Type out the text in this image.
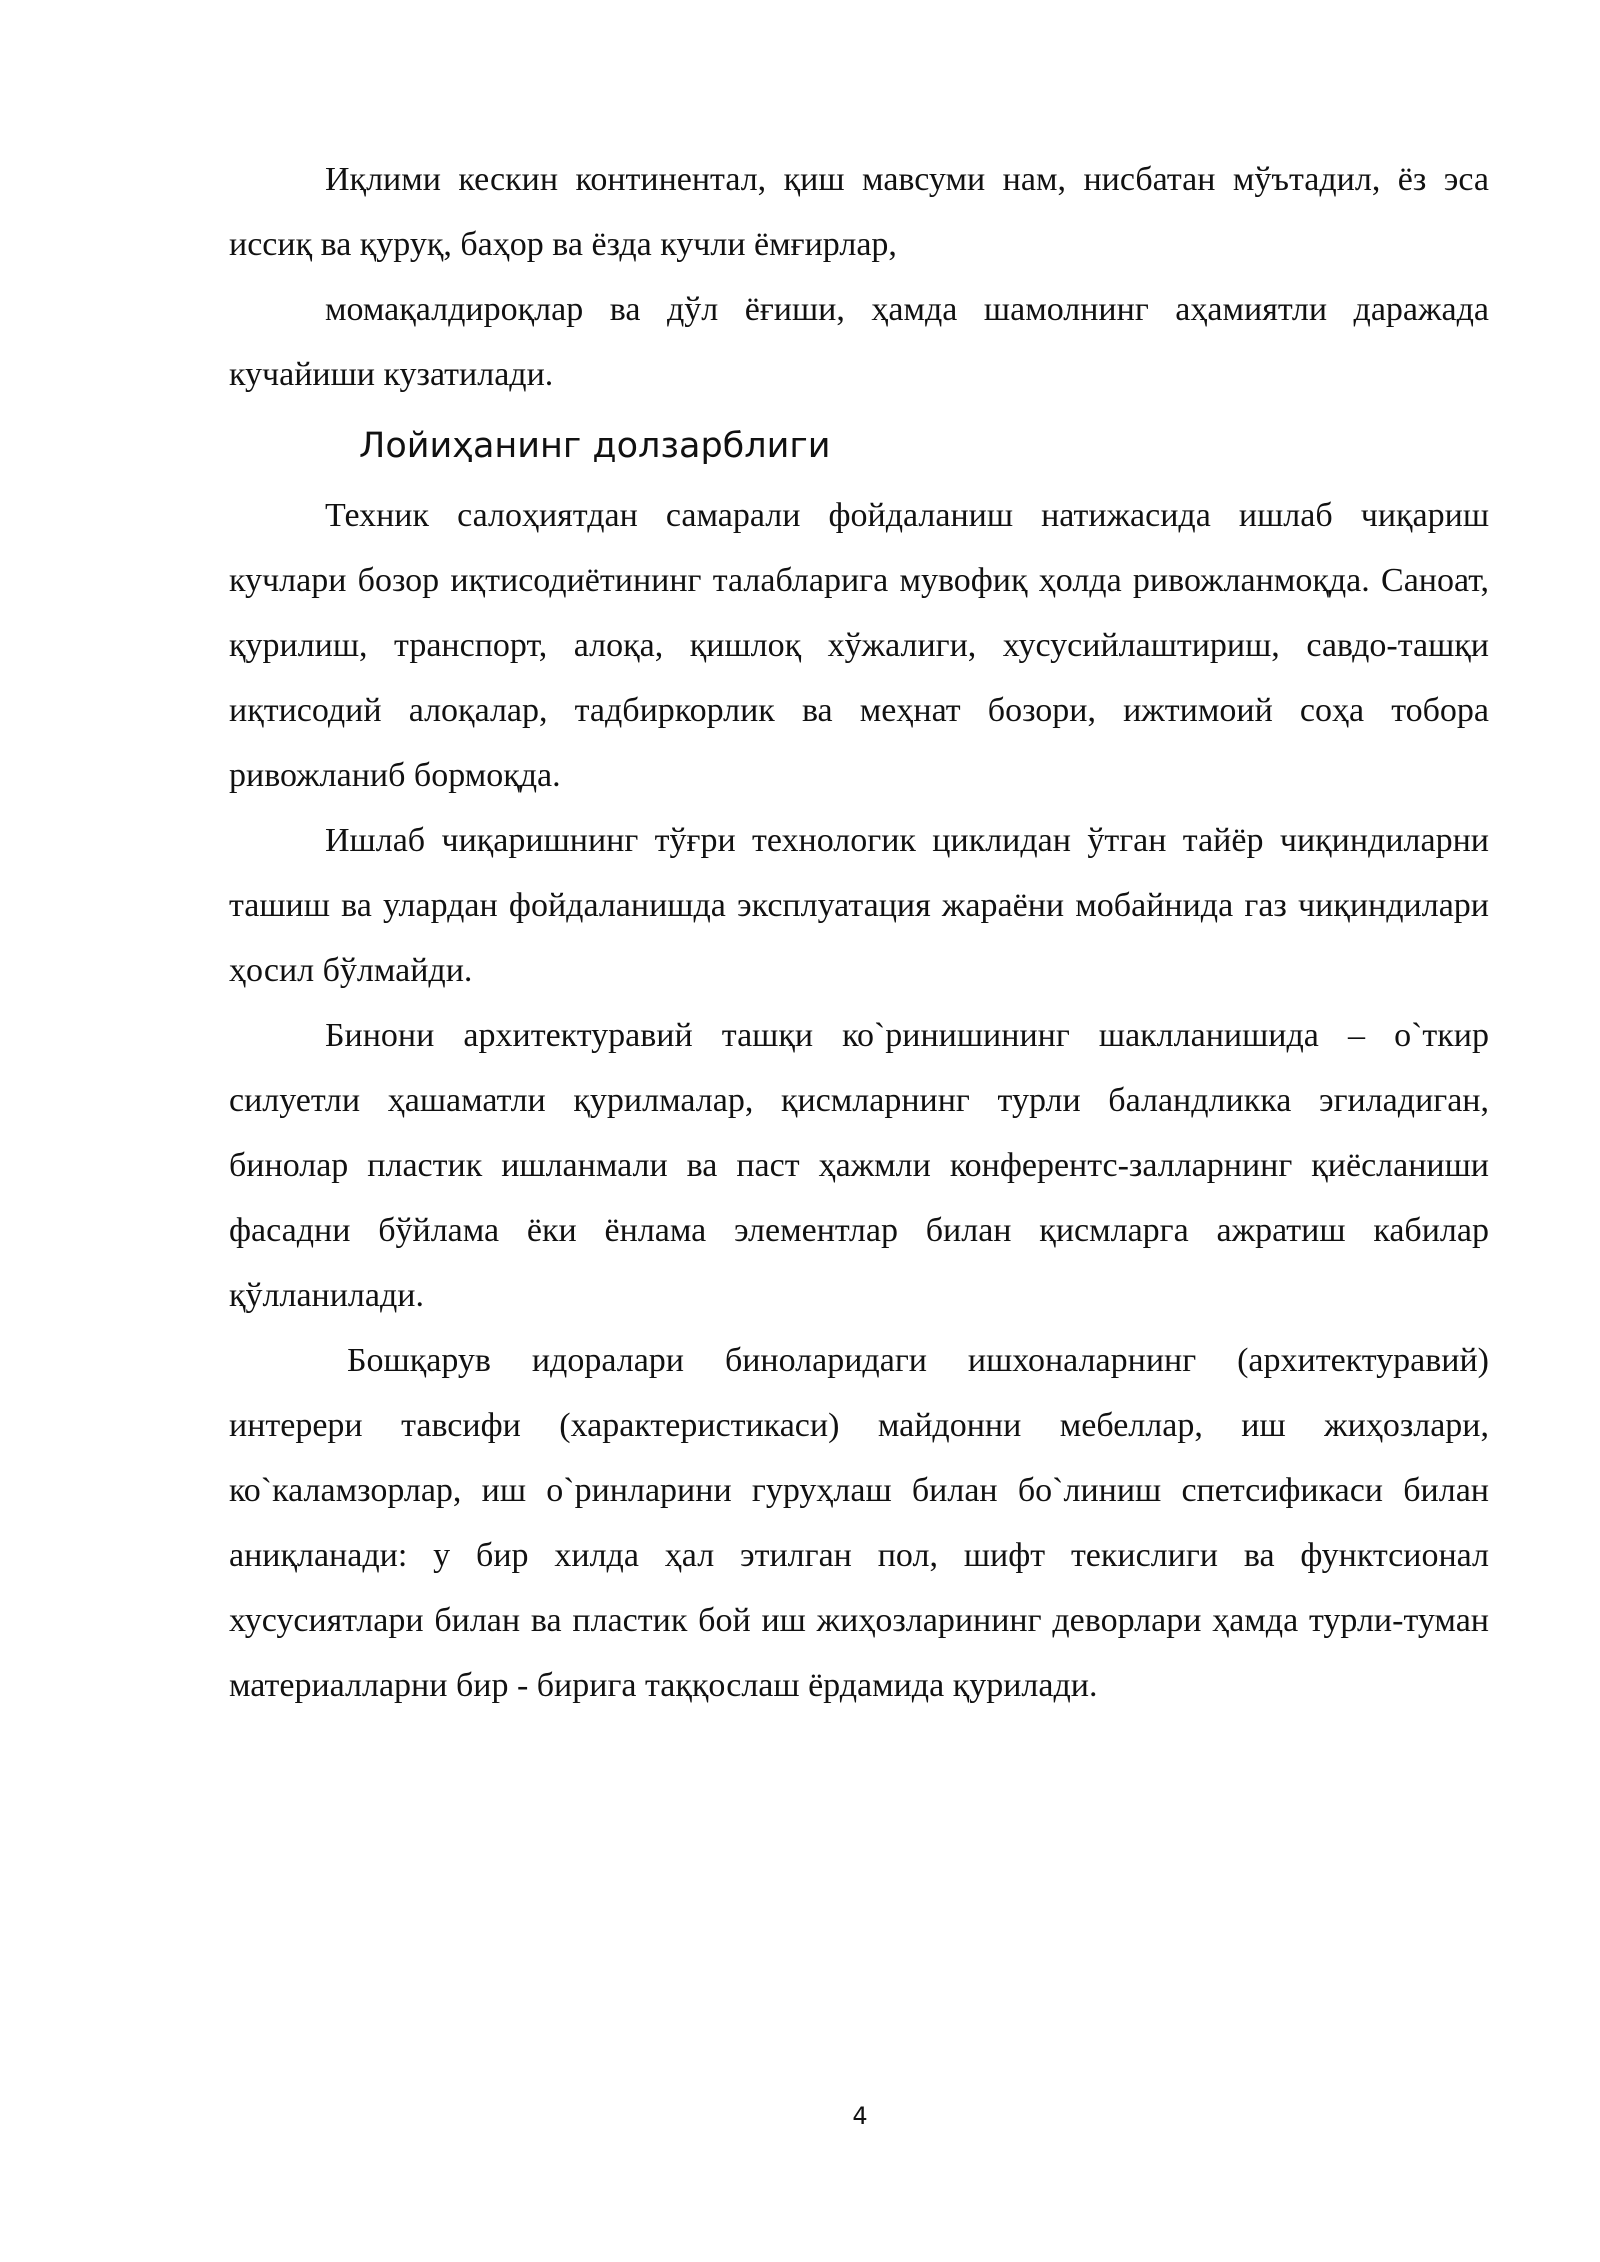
Иқлими кескин континентал, қиш мавсуми нам, нисбатан мўътадил, ёз эса иссиқ ва қуруқ, баҳор ва ёзда кучли ёмғирлар,

момақалдироқлар ва дўл ёғиши, ҳамда шамолнинг аҳамиятли даражада кучайиши кузатилади.

Лойиҳанинг долзарблиги

Техник салоҳиятдан самарали фойдаланиш натижасида ишлаб чиқариш кучлари бозор иқтисодиётининг талабларига мувофиқ ҳолда ривожланмоқда. Саноат, қурилиш, транспорт, алоқа, қишлоқ хўжалиги, хусусийлаштириш, савдо-ташқи иқтисодий алоқалар, тадбиркорлик ва меҳнат бозори, ижтимоий соҳа тобора ривожланиб бормоқда.

Ишлаб чиқаришнинг тўғри технологик циклидан ўтган тайёр чиқиндиларни ташиш ва улардан фойдаланишда эксплуатация жараёни мобайнида газ чиқиндилари ҳосил бўлмайди.

Бинони архитектуравий ташқи ко`ринишининг шаклланишида – о`ткир силуетли ҳашаматли қурилмалар, қисмларнинг турли баландликка эгиладиган, бинолар пластик ишланмали ва паст ҳажмли конферентс-залларнинг қиёсланиши фасадни бўйлама ёки ёнлама элементлар билан қисмларга ажратиш кабилар қўлланилади.

Бошқарув идоралари биноларидаги ишхоналарнинг (архитектуравий) интерери тавсифи (характеристикаси) майдонни мебеллар, иш жиҳозлари, ко`каламзорлар, иш о`ринларини гуруҳлаш билан бо`линиш спетсификаси билан аниқланади: у бир хилда ҳал этилган пол, шифт текислиги ва функтсионал хусусиятлари билан ва пластик бой иш жиҳозларининг деворлари ҳамда турли-туман материалларни бир - бирига таққослаш ёрдамида қурилади.

4
